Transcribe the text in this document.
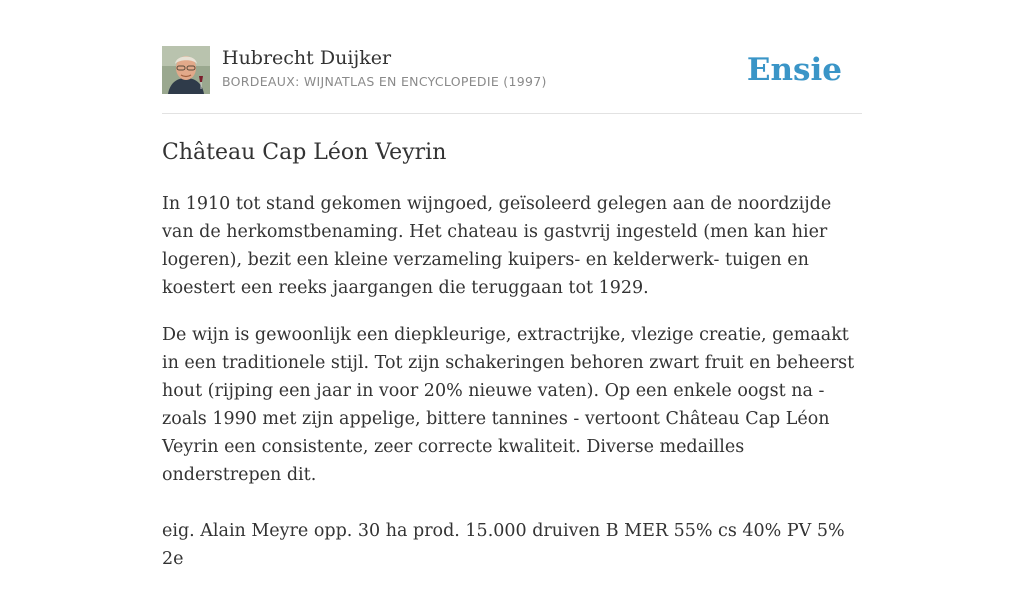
Hubrecht Duijker
BORDEAUX: WIJNATLAS EN ENCYCLOPEDIE (1997)	Ensie
Château Cap Léon Veyrin

In 1910 tot stand gekomen wijngoed, geïsoleerd gelegen aan de noordzijde van de herkomstbenaming. Het chateau is gastvrij ingesteld (men kan hier logeren), bezit een kleine verzameling kuipers- en kelderwerk- tuigen en koestert een reeks jaargangen die teruggaan tot 1929.

De wijn is gewoonlijk een diepkleurige, extractrijke, vlezige creatie, gemaakt in een traditionele stijl. Tot zijn schakeringen behoren zwart fruit en beheerst hout (rijping een jaar in voor 20% nieuwe vaten). Op een enkele oogst na - zoals 1990 met zijn appelige, bittere tannines - vertoont Château Cap Léon Veyrin een consistente, zeer correcte kwaliteit. Diverse medailles onderstrepen dit.

eig. Alain Meyre opp. 30 ha prod. 15.000 druiven B MER 55% cs 40% PV 5% 2e
